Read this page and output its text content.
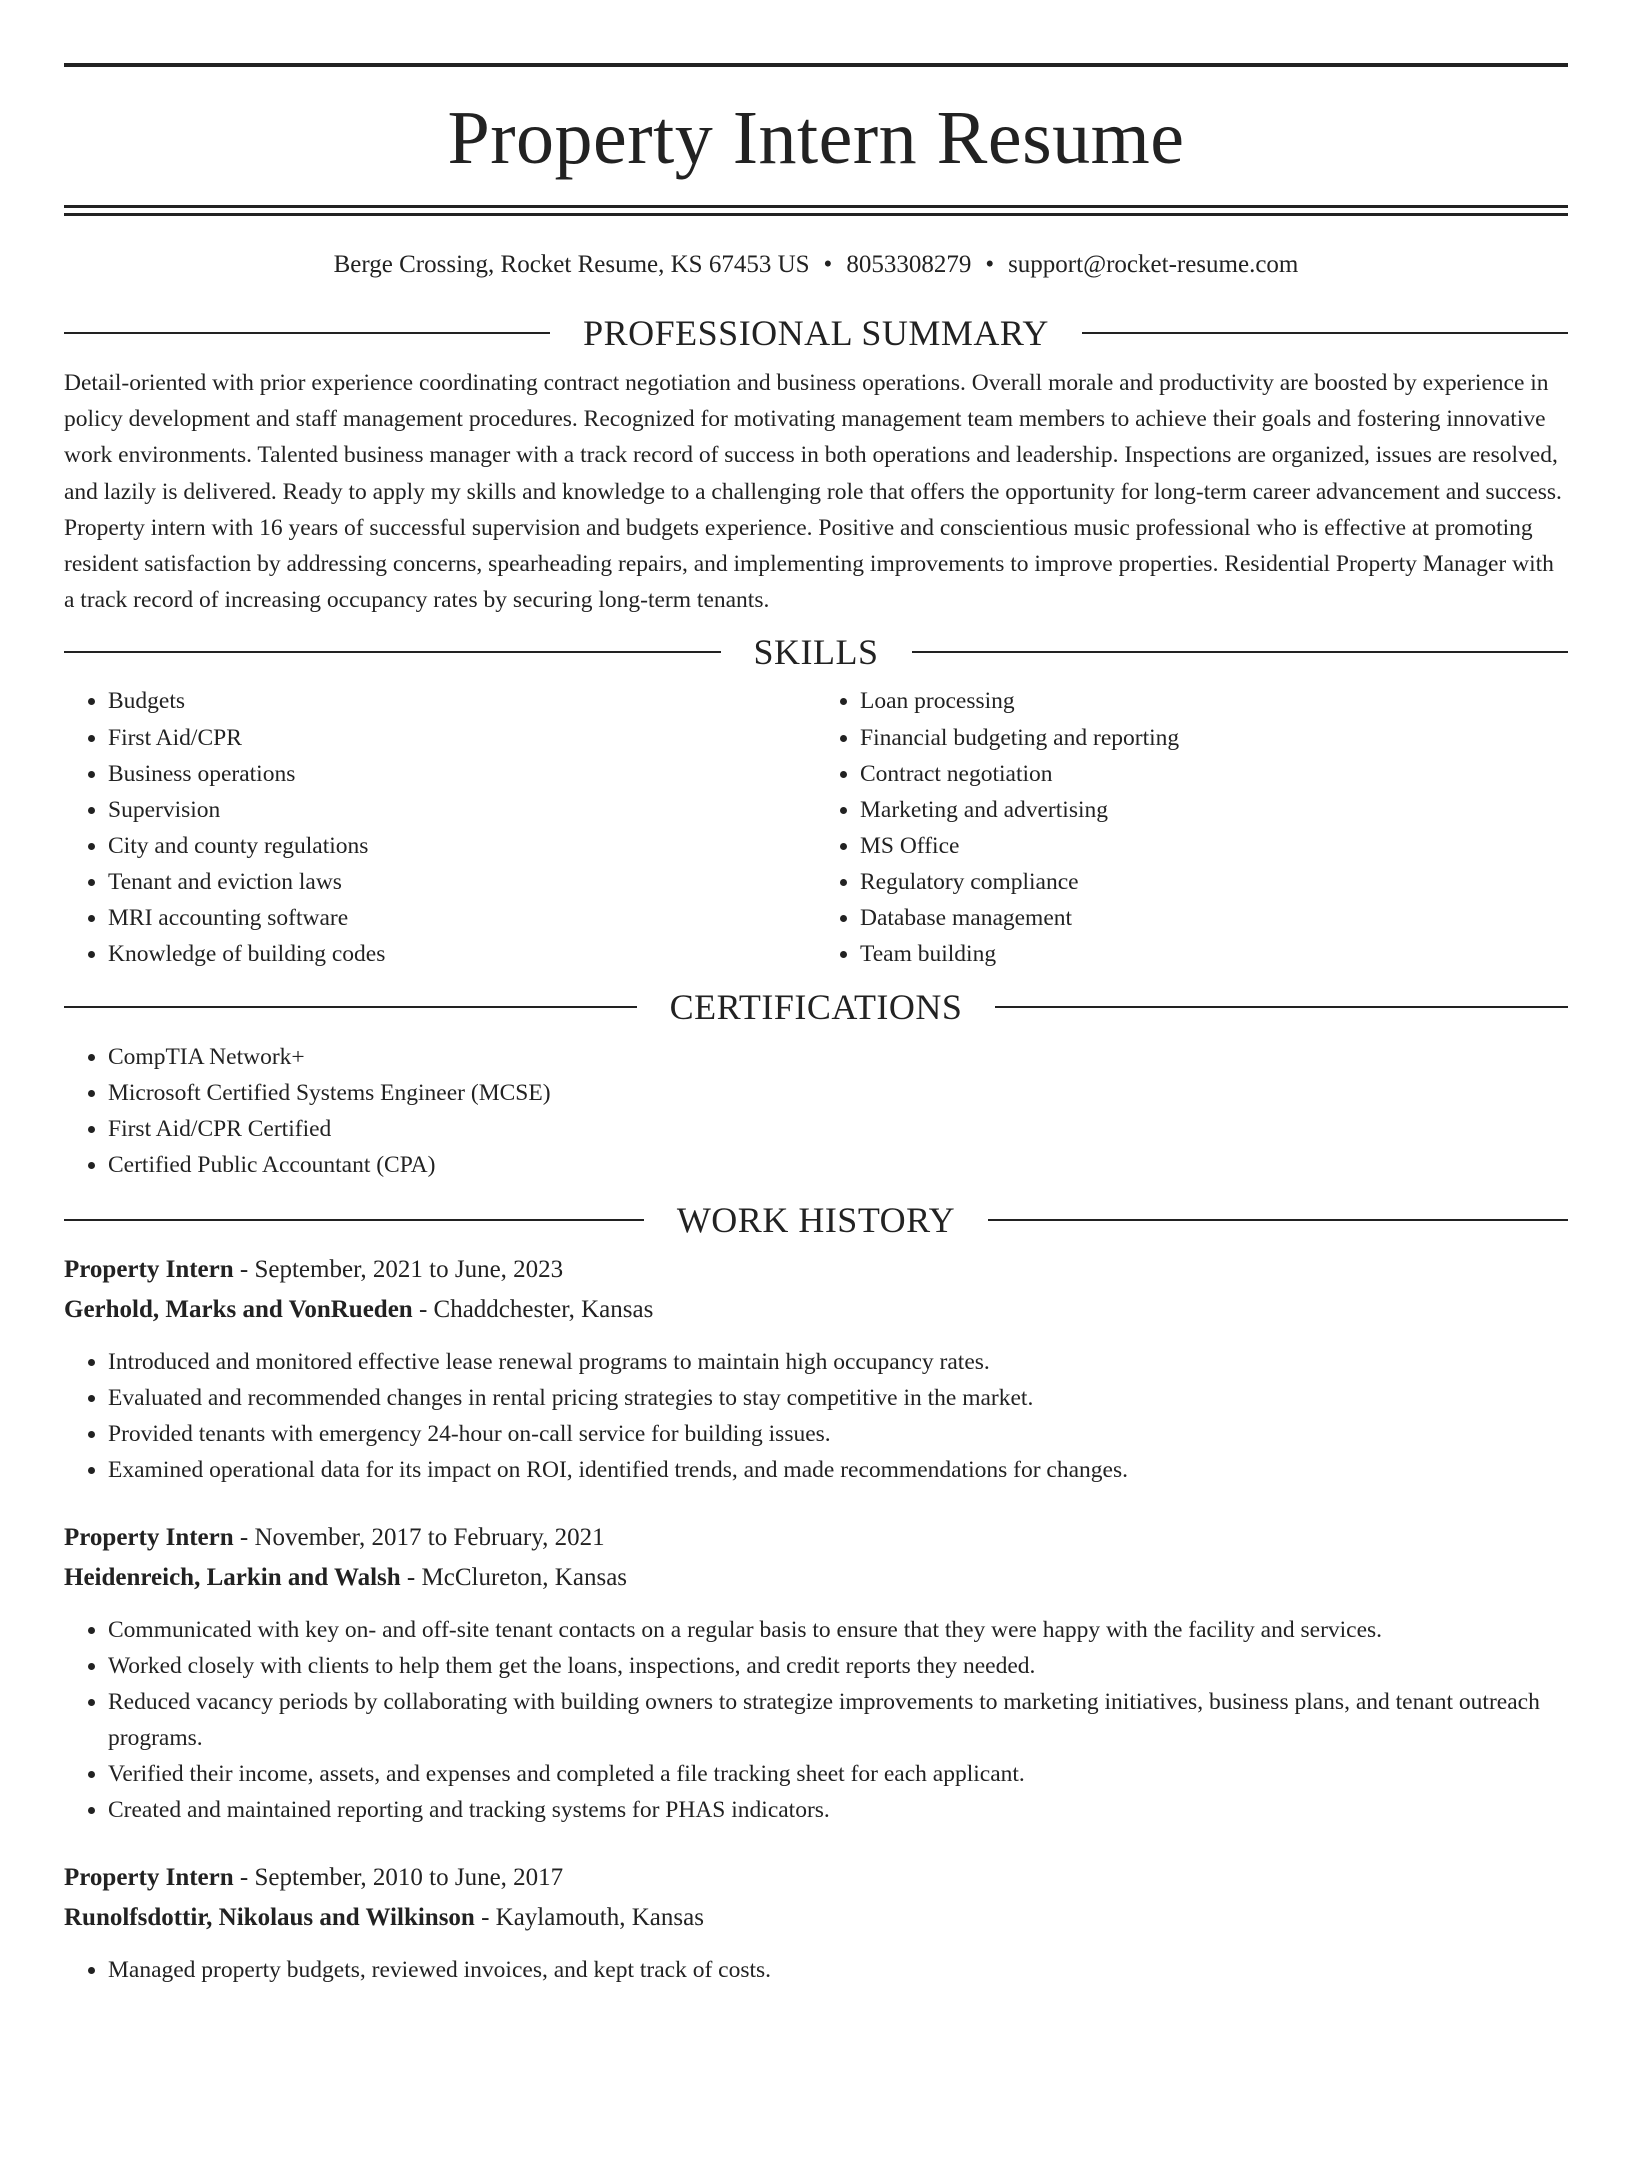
Property Intern Resume
Berge Crossing, Rocket Resume, KS 67453 US • 8053308279 • support@rocket-resume.com
PROFESSIONAL SUMMARY
Detail-oriented with prior experience coordinating contract negotiation and business operations. Overall morale and productivity are boosted by experience in policy development and staff management procedures. Recognized for motivating management team members to achieve their goals and fostering innovative work environments. Talented business manager with a track record of success in both operations and leadership. Inspections are organized, issues are resolved, and lazily is delivered. Ready to apply my skills and knowledge to a challenging role that offers the opportunity for long-term career advancement and success. Property intern with 16 years of successful supervision and budgets experience. Positive and conscientious music professional who is effective at promoting resident satisfaction by addressing concerns, spearheading repairs, and implementing improvements to improve properties. Residential Property Manager with a track record of increasing occupancy rates by securing long-term tenants.
SKILLS
• Budgets
• First Aid/CPR
• Business operations
• Supervision
• City and county regulations
• Tenant and eviction laws
• MRI accounting software
• Knowledge of building codes
• Loan processing
• Financial budgeting and reporting
• Contract negotiation
• Marketing and advertising
• MS Office
• Regulatory compliance
• Database management
• Team building
CERTIFICATIONS
• CompTIA Network+
• Microsoft Certified Systems Engineer (MCSE)
• First Aid/CPR Certified
• Certified Public Accountant (CPA)
WORK HISTORY
Property Intern - September, 2021 to June, 2023
Gerhold, Marks and VonRueden - Chaddchester, Kansas
• Introduced and monitored effective lease renewal programs to maintain high occupancy rates.
• Evaluated and recommended changes in rental pricing strategies to stay competitive in the market.
• Provided tenants with emergency 24-hour on-call service for building issues.
• Examined operational data for its impact on ROI, identified trends, and made recommendations for changes.
Property Intern - November, 2017 to February, 2021
Heidenreich, Larkin and Walsh - McClureton, Kansas
• Communicated with key on- and off-site tenant contacts on a regular basis to ensure that they were happy with the facility and services.
• Worked closely with clients to help them get the loans, inspections, and credit reports they needed.
• Reduced vacancy periods by collaborating with building owners to strategize improvements to marketing initiatives, business plans, and tenant outreach programs.
• Verified their income, assets, and expenses and completed a file tracking sheet for each applicant.
• Created and maintained reporting and tracking systems for PHAS indicators.
Property Intern - September, 2010 to June, 2017
Runolfsdottir, Nikolaus and Wilkinson - Kaylamouth, Kansas
• Managed property budgets, reviewed invoices, and kept track of costs.
